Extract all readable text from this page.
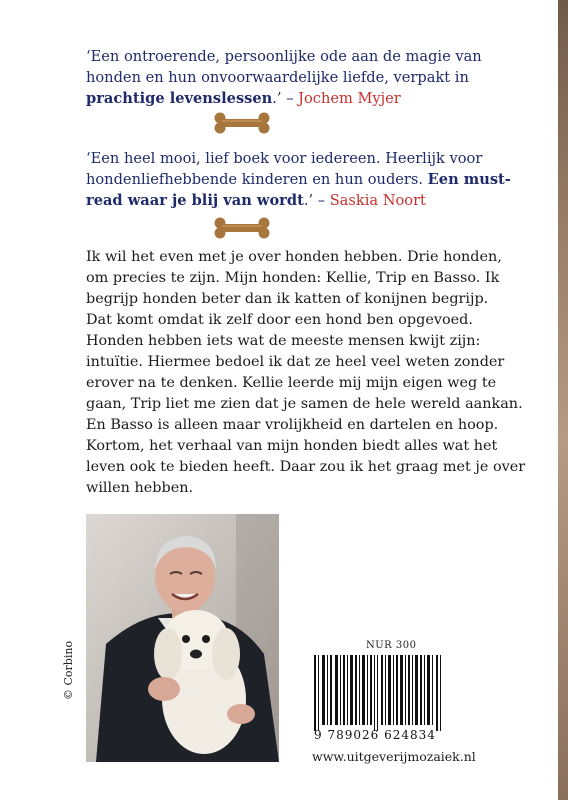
‘Een ontroerende, persoonlijke ode aan de magie van honden en hun onvoorwaardelijke liefde, verpakt in prachtige levenslessen.’ – Jochem Myjer
‘Een heel mooi, lief boek voor iedereen. Heerlijk voor hondenliefhebbende kinderen en hun ouders. Een must-read waar je blij van wordt.’ – Saskia Noort
Ik wil het even met je over honden hebben. Drie honden,
om precies te zijn. Mijn honden: Kellie, Trip en Basso. Ik
begrijp honden beter dan ik katten of konijnen begrijp.
Dat komt omdat ik zelf door een hond ben opgevoed.
Honden hebben iets wat de meeste mensen kwijt zijn:
intuïtie. Hiermee bedoel ik dat ze heel veel weten zonder
erover na te denken. Kellie leerde mij mijn eigen weg te
gaan, Trip liet me zien dat je samen de hele wereld aankan.
En Basso is alleen maar vrolijkheid en dartelen en hoop.
Kortom, het verhaal van mijn honden biedt alles wat het
leven ook te bieden heeft. Daar zou ik het graag met je over
willen hebben.
© Corbino	NUR 300
9 789026 624834
www.uitgeverijmozaiek.nl
